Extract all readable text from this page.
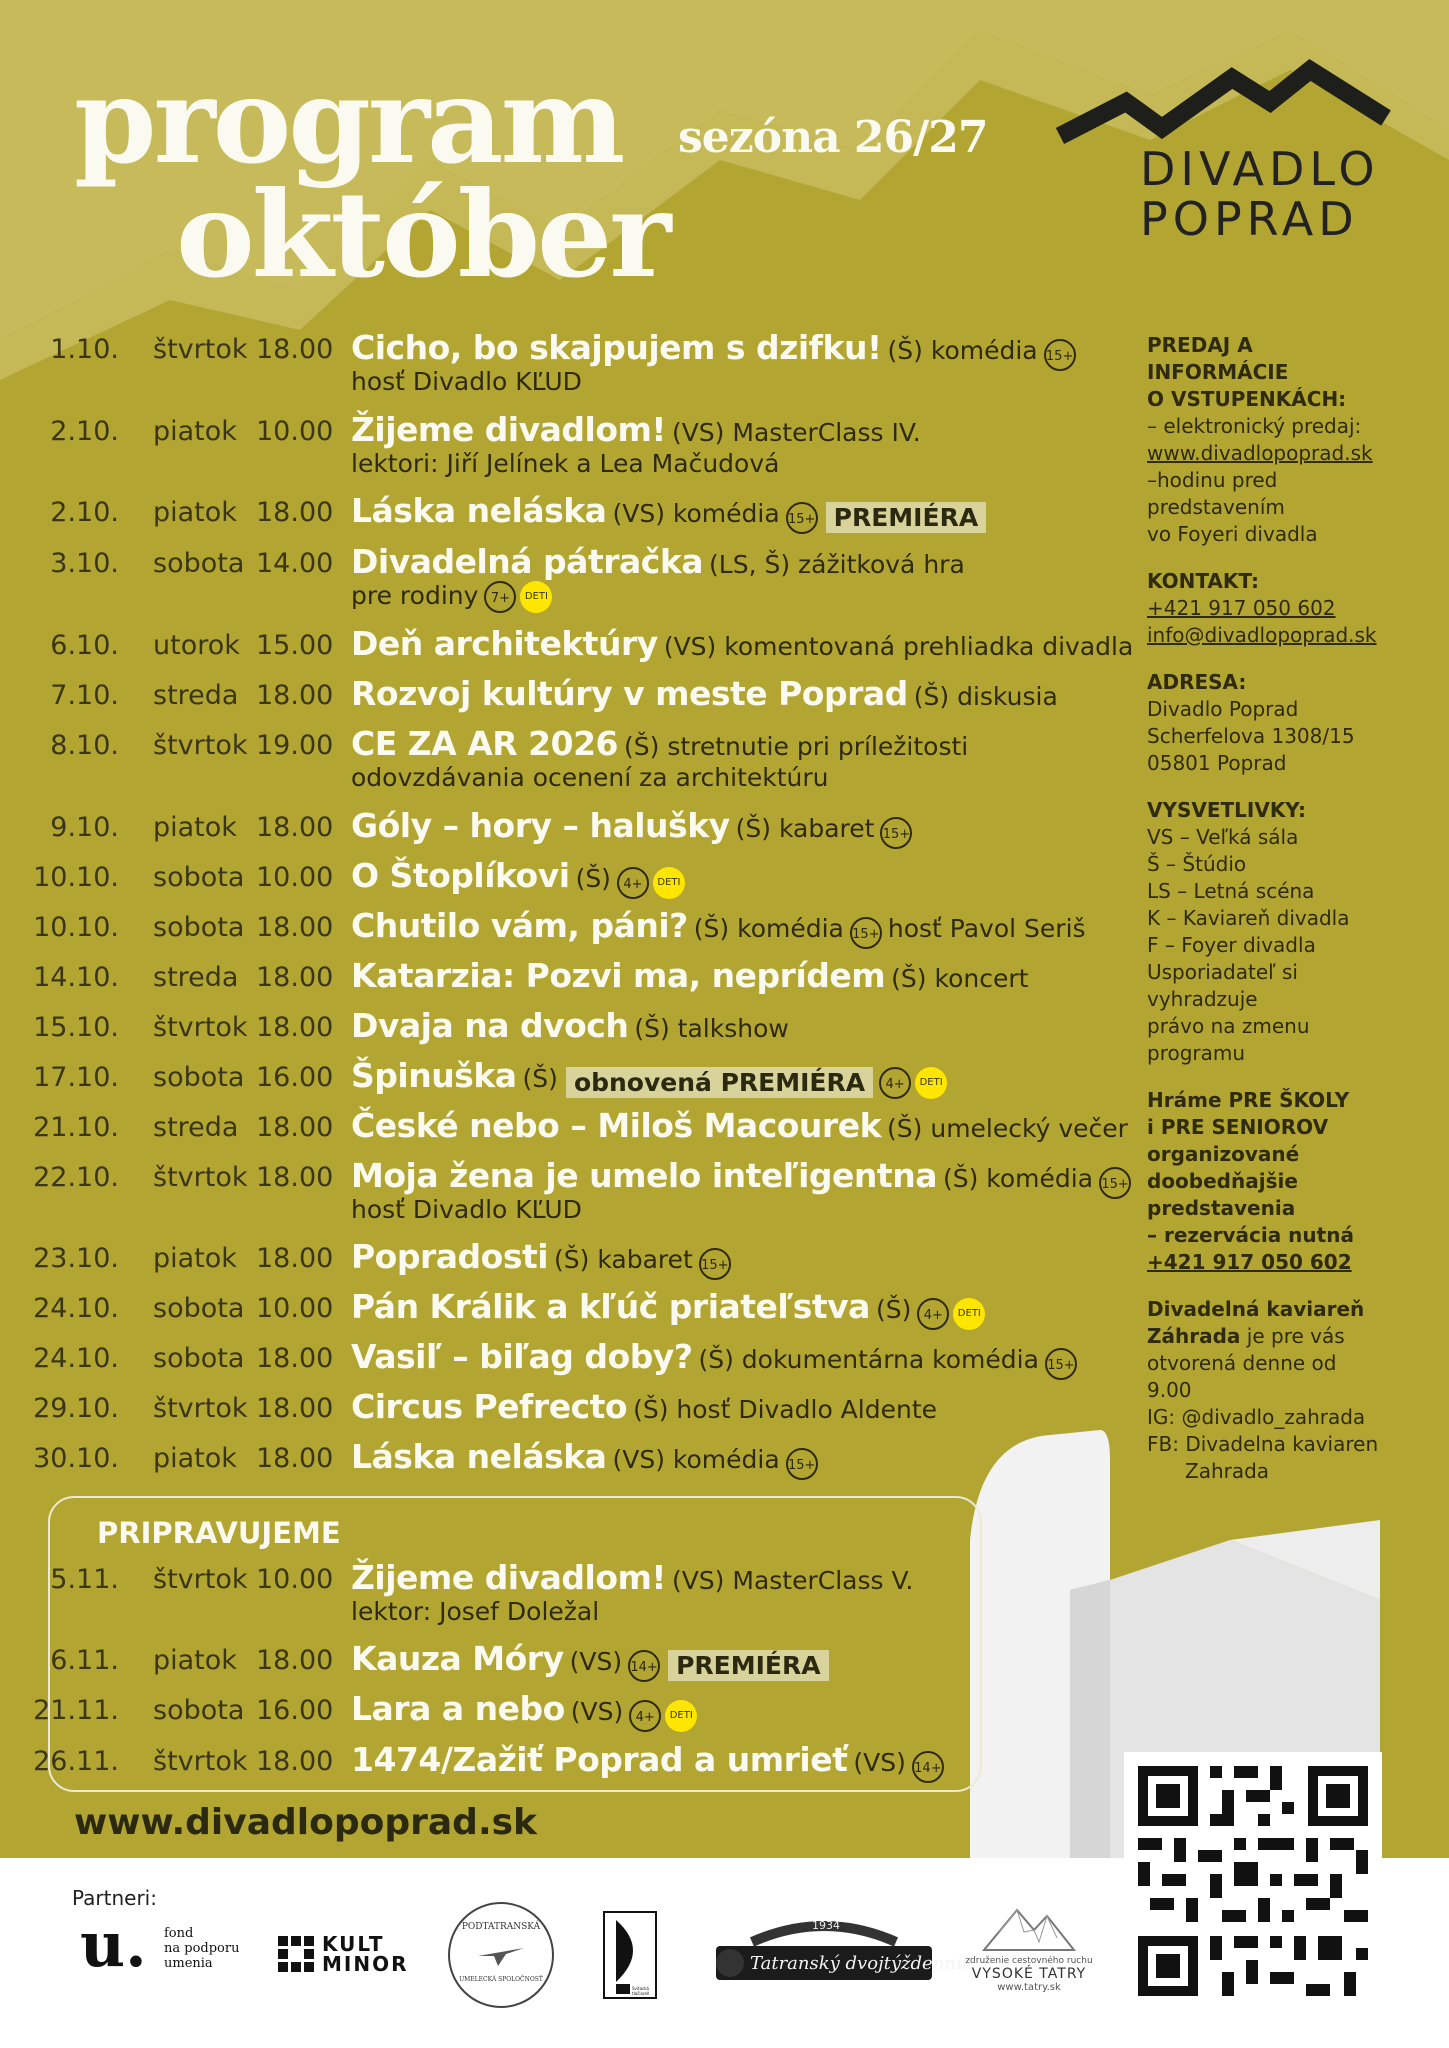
program
október
sezóna 26/27
DIVADLO
POPRAD
1.10. štvrtok 18.00 Cicho, bo skajpujem s dzifku! (Š) komédia 15+
hosť Divadlo KĽUD
2.10. piatok 10.00 Žijeme divadlom! (VS) MasterClass IV.
lektori: Jiří Jelínek a Lea Mačudová
2.10. piatok 18.00 Láska neláska (VS) komédia 15+ PREMIÉRA
3.10. sobota 14.00 Divadelná pátračka (LS, Š) zážitková hra
pre rodiny 7+ DETI
6.10. utorok 15.00 Deň architektúry (VS) komentovaná prehliadka divadla
7.10. streda 18.00 Rozvoj kultúry v meste Poprad (Š) diskusia
8.10. štvrtok 19.00 CE ZA AR 2026 (Š) stretnutie pri príležitosti
odovzdávania ocenení za architektúru
9.10. piatok 18.00 Góly – hory – halušky (Š) kabaret 15+
10.10. sobota 10.00 O Štoplíkovi (Š) 4+ DETI
10.10. sobota 18.00 Chutilo vám, páni? (Š) komédia 15+ hosť Pavol Seriš
14.10. streda 18.00 Katarzia: Pozvi ma, neprídem (Š) koncert
15.10. štvrtok 18.00 Dvaja na dvoch (Š) talkshow
17.10. sobota 16.00 Špinuška (Š) obnovená PREMIÉRA 4+ DETI
21.10. streda 18.00 České nebo – Miloš Macourek (Š) umelecký večer
22.10. štvrtok 18.00 Moja žena je umelo inteľigentna (Š) komédia 15+
hosť Divadlo KĽUD
23.10. piatok 18.00 Popradosti (Š) kabaret 15+
24.10. sobota 10.00 Pán Králik a kľúč priateľstva (Š) 4+ DETI
24.10. sobota 18.00 Vasiľ – biľag doby? (Š) dokumentárna komédia 15+
29.10. štvrtok 18.00 Circus Pefrecto (Š) hosť Divadlo Aldente
30.10. piatok 18.00 Láska neláska (VS) komédia 15+
PRIPRAVUJEME
5.11. štvrtok 10.00 Žijeme divadlom! (VS) MasterClass V.
lektor: Josef Doležal
6.11. piatok 18.00 Kauza Móry (VS) 14+ PREMIÉRA
21.11. sobota 16.00 Lara a nebo (VS) 4+ DETI
26.11. štvrtok 18.00 1474/Zažiť Poprad a umrieť (VS) 14+
PREDAJ A INFORMÁCIE
O VSTUPENKÁCH:
– elektronický predaj:
www.divadlopoprad.sk
–hodinu pred
predstavením
vo Foyeri divadla
KONTAKT:
+421 917 050 602
info@divadlopoprad.sk
ADRESA:
Divadlo Poprad
Scherfelova 1308/15
05801 Poprad
VYSVETLIVKY:
VS – Veľká sála
Š – Štúdio
LS – Letná scéna
K – Kaviareň divadla
F – Foyer divadla
Usporiadateľ si vyhradzuje
právo na zmenu programu
Hráme PRE ŠKOLY
i PRE SENIOROV
organizované
doobedňajšie
predstavenia
– rezervácia nutná
+421 917 050 602
Divadelná kaviareň
Záhrada je pre vás
otvorená denne od 9.00
IG: @divadlo_zahrada
FB: Divadelna kaviaren
Zahrada
www.divadlopoprad.sk
Partneri:
u. fond
na podporu
umenia
KULT
MINOR
PODTATRANSKÁ
UMELECKÁ SPOLOČNOSŤ
Svitacká tlačiareň
1934
Tatranský dvojtýždenník
združenie cestovného ruchu
VYSOKÉ TATRY
www.tatry.sk
